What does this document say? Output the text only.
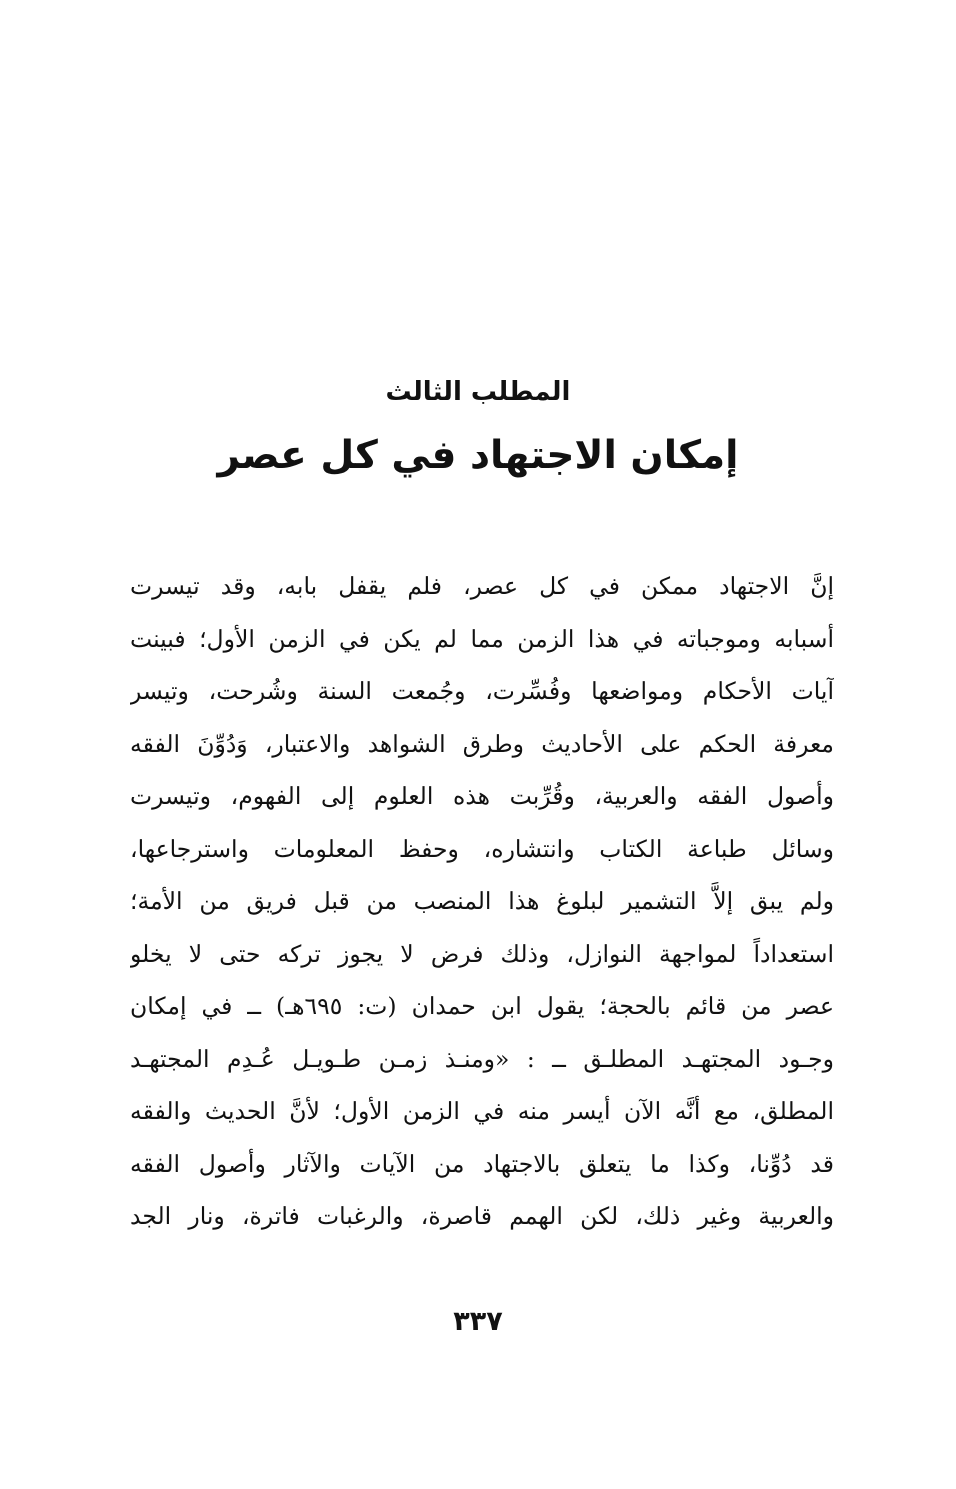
المطلب الثالث
إمكان الاجتهاد في كل عصر
إنَّ الاجتهاد ممكن في كل عصر، فلم يقفل بابه، وقد تيسرت
أسبابه وموجباته في هذا الزمن مما لم يكن في الزمن الأول؛ فبينت
آيات الأحكام ومواضعها وفُسِّرت، وجُمعت السنة وشُرحت، وتيسر
معرفة الحكم على الأحاديث وطرق الشواهد والاعتبار، وَدُوِّنَ الفقه
وأصول الفقه والعربية، وقُرِّبت هذه العلوم إلى الفهوم، وتيسرت
وسائل طباعة الكتاب وانتشاره، وحفظ المعلومات واسترجاعها،
ولم يبق إلاَّ التشمير لبلوغ هذا المنصب من قبل فريق من الأمة؛
استعداداً لمواجهة النوازل، وذلك فرض لا يجوز تركه حتى لا يخلو
عصر من قائم بالحجة؛ يقول ابن حمدان (ت: ٦٩٥هـ) ــ في إمكان
وجـود المجتهـد المطلـق ــ : «ومنـذ زمـن طـويـل عُـدِم المجتهـد
المطلق، مع أنَّه الآن أيسر منه في الزمن الأول؛ لأنَّ الحديث والفقه
قد دُوِّنا، وكذا ما يتعلق بالاجتهاد من الآيات والآثار وأصول الفقه
والعربية وغير ذلك، لكن الهمم قاصرة، والرغبات فاترة، ونار الجد
٣٣٧
